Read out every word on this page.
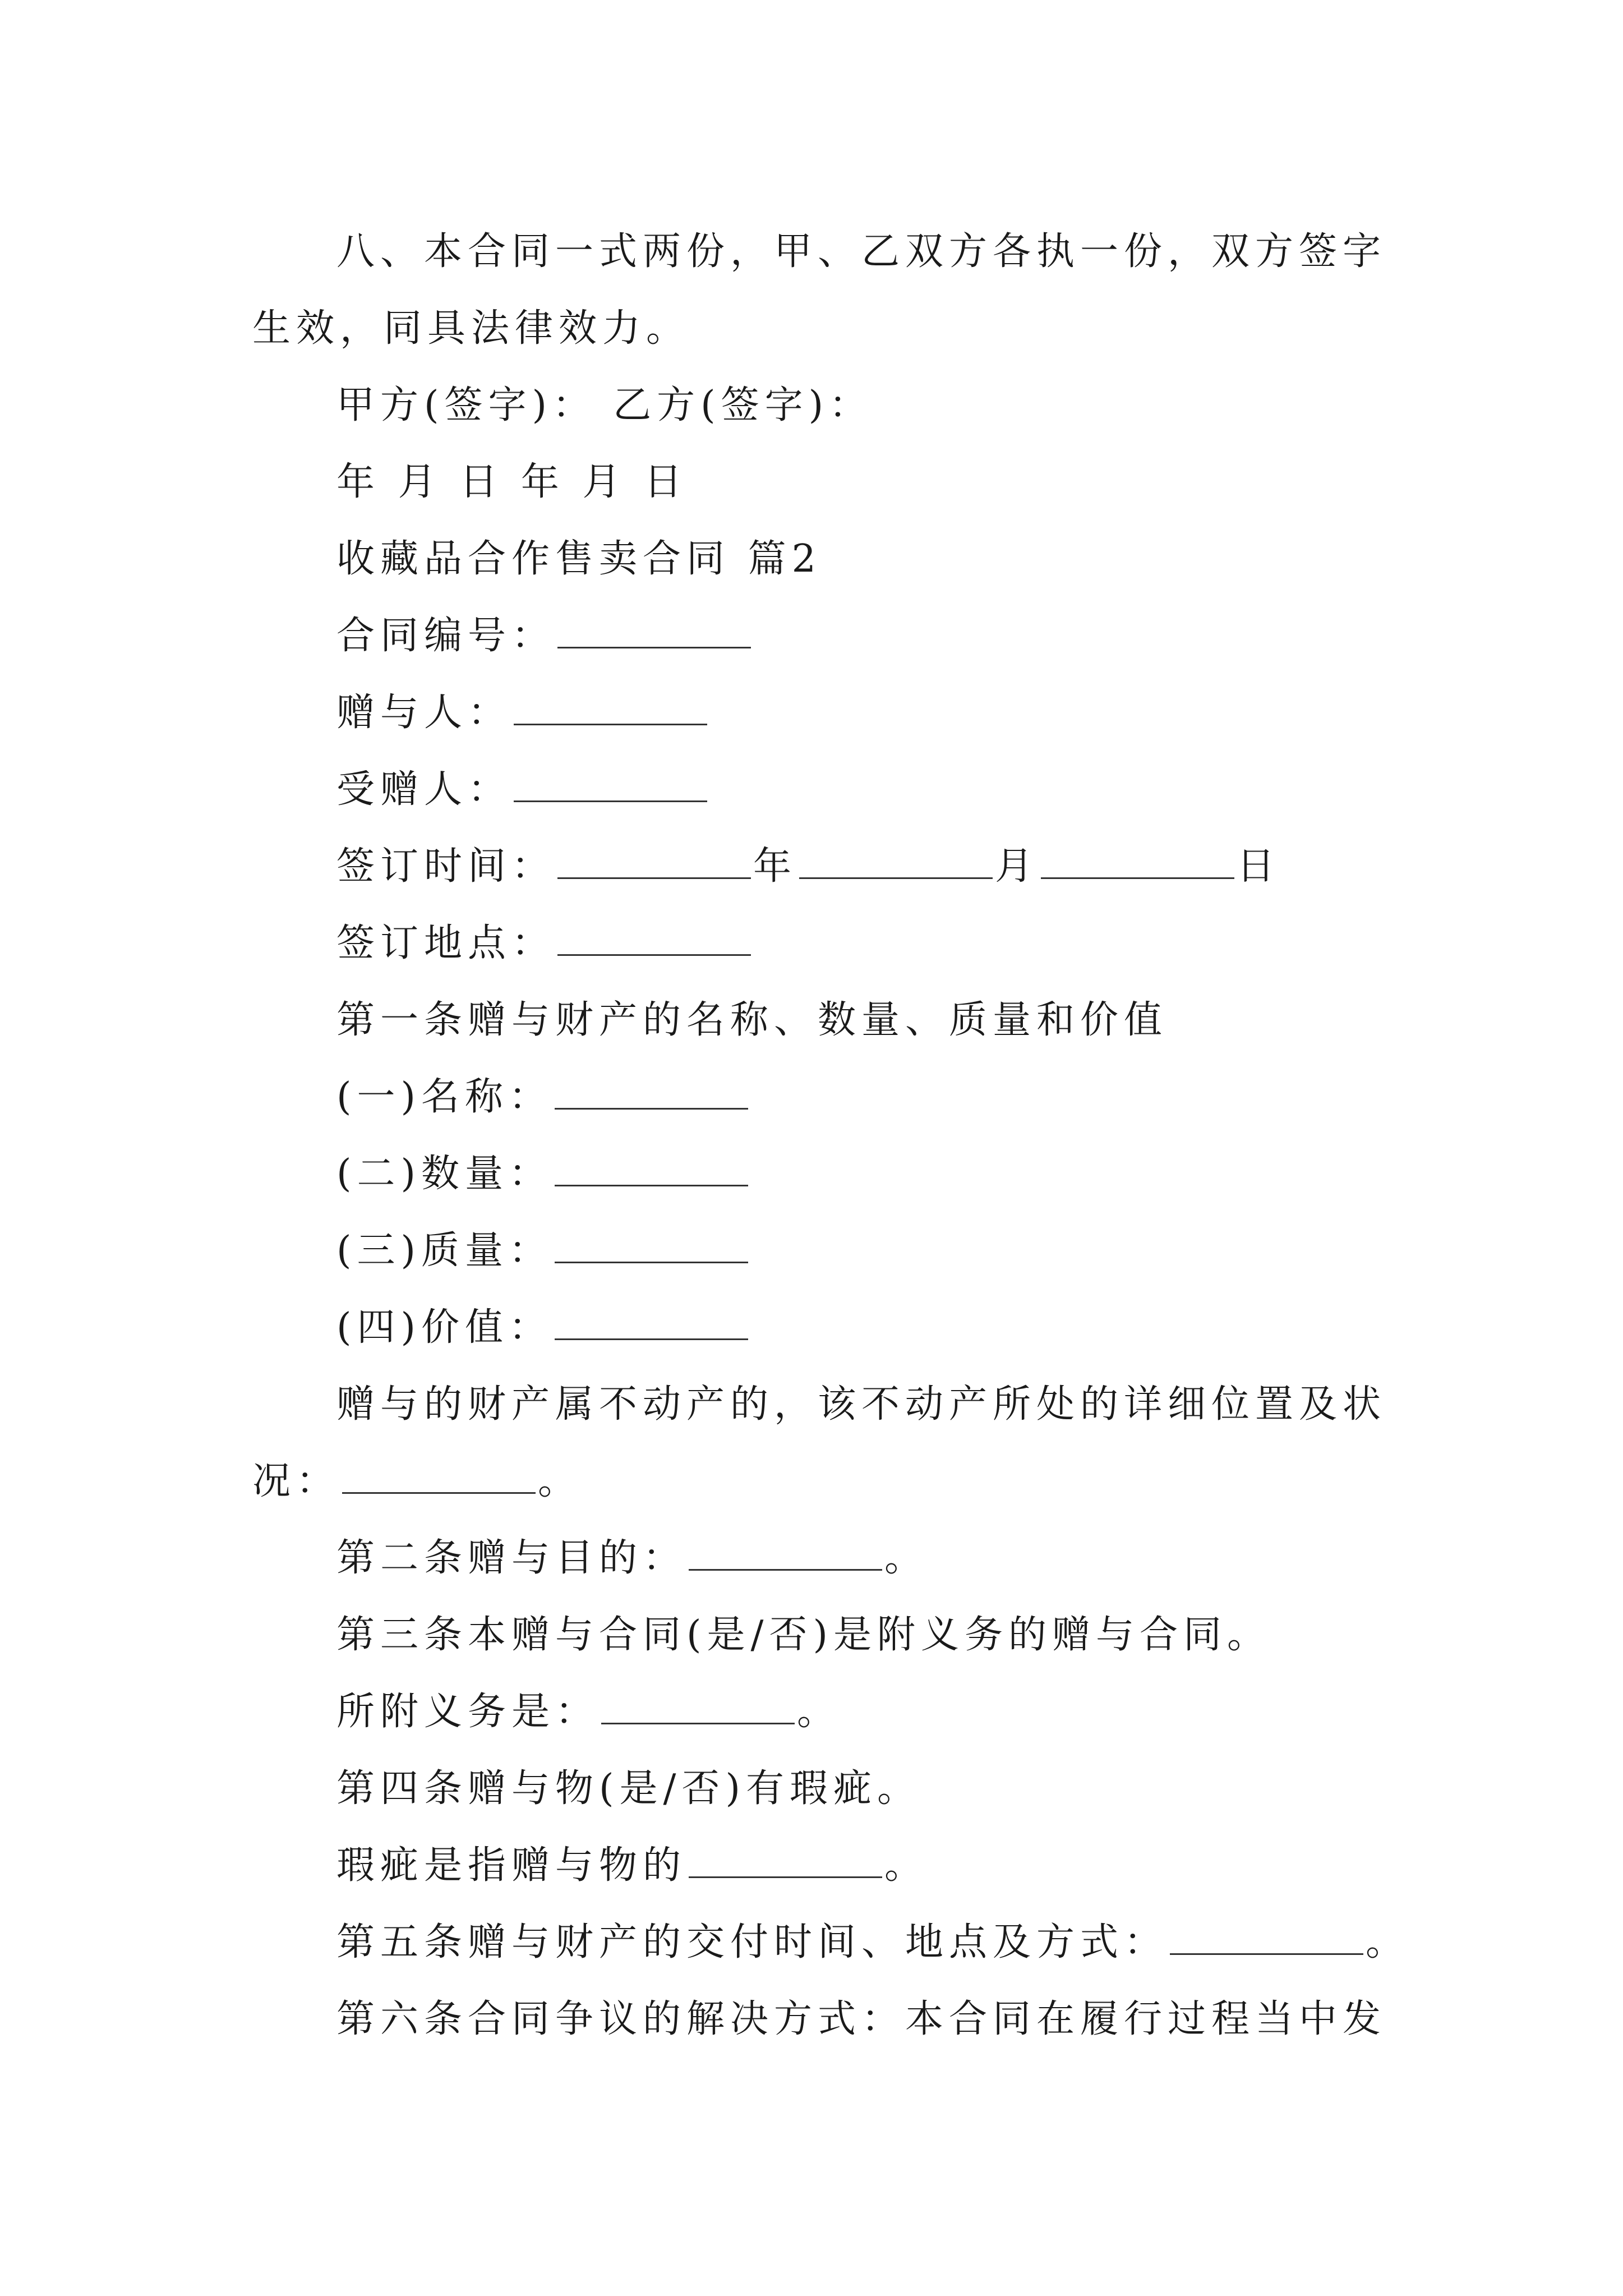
八、本合同一式两份，甲、乙双方各执一份，双方签字
生效，同具法律效力。
甲方(签字)： 乙方(签字)：
年 月 日 年 月 日
收藏品合作售卖合同 篇2
合同编号：
赠与人：
受赠人：
签订时间：	年	月	日
签订地点：
第一条赠与财产的名称、数量、质量和价值
(一)名称：
(二)数量：
(三)质量：
(四)价值：
赠与的财产属不动产的，该不动产所处的详细位置及状
况：	。
第二条赠与目的：	。
第三条本赠与合同(是/否)是附义务的赠与合同。
所附义务是：	。
第四条赠与物(是/否)有瑕疵。
瑕疵是指赠与物的	。
第五条赠与财产的交付时间、地点及方式：	。
第六条合同争议的解决方式：本合同在履行过程当中发
